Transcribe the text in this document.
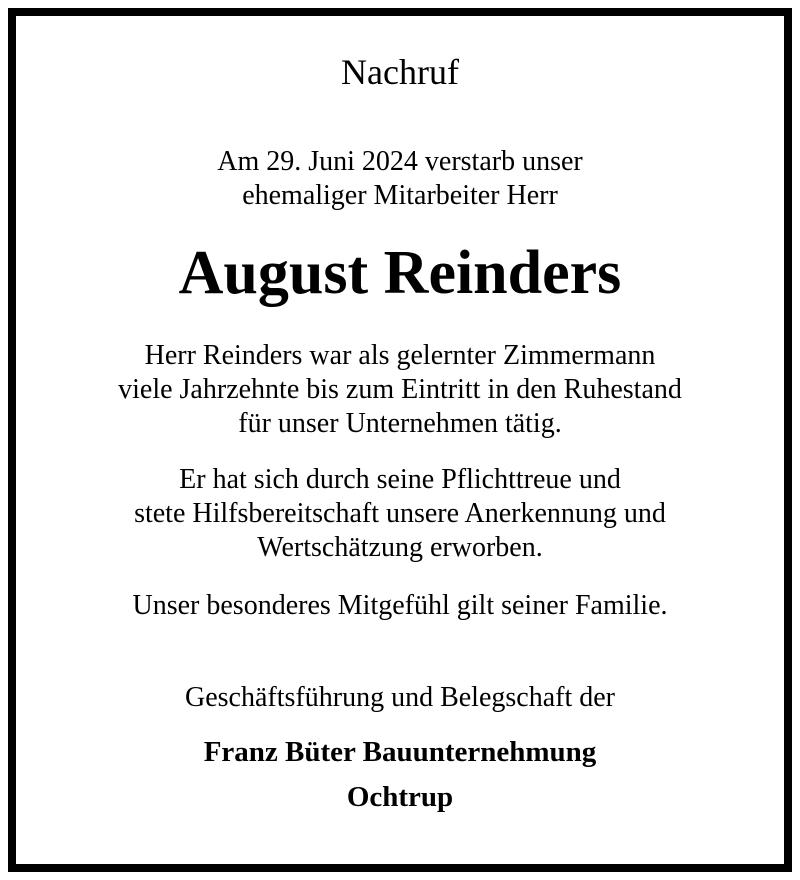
Nachruf
Am 29. Juni 2024 verstarb unser
ehemaliger Mitarbeiter Herr
August Reinders
Herr Reinders war als gelernter Zimmermann
viele Jahrzehnte bis zum Eintritt in den Ruhestand
für unser Unternehmen tätig.
Er hat sich durch seine Pflichttreue und
stete Hilfsbereitschaft unsere Anerkennung und
Wertschätzung erworben.
Unser besonderes Mitgefühl gilt seiner Familie.
Geschäftsführung und Belegschaft der
Franz Büter Bauunternehmung
Ochtrup
